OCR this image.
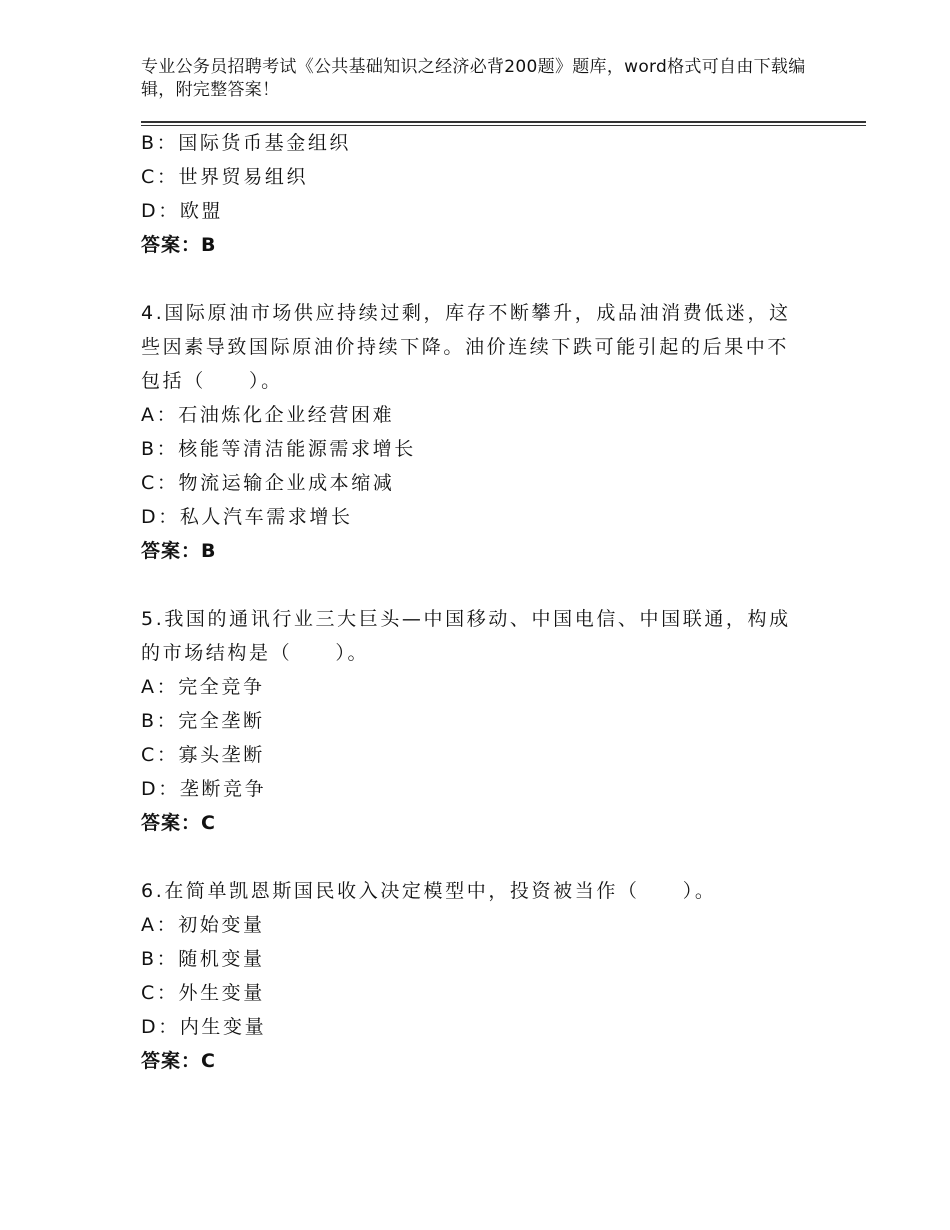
专业公务员招聘考试《公共基础知识之经济必背200题》题库，word格式可自由下载编辑，附完整答案！
B：国际货币基金组织
C：世界贸易组织
D：欧盟
答案：B
4.国际原油市场供应持续过剩，库存不断攀升，成品油消费低迷，这些因素导致国际原油价持续下降。油价连续下跌可能引起的后果中不包括（　　）。
A：石油炼化企业经营困难
B：核能等清洁能源需求增长
C：物流运输企业成本缩减
D：私人汽车需求增长
答案：B
5.我国的通讯行业三大巨头—中国移动、中国电信、中国联通，构成的市场结构是（　　）。
A：完全竞争
B：完全垄断
C：寡头垄断
D：垄断竞争
答案：C
6.在简单凯恩斯国民收入决定模型中，投资被当作（　　）。
A：初始变量
B：随机变量
C：外生变量
D：内生变量
答案：C
